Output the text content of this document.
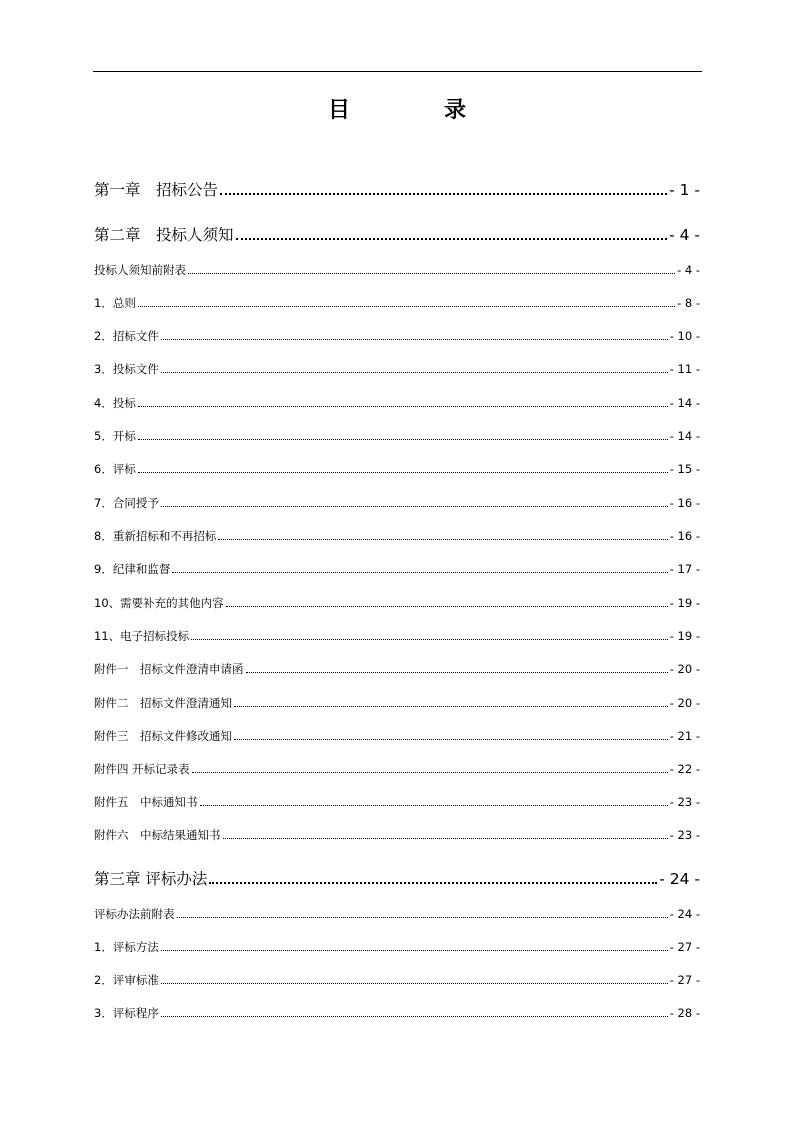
目　录
第一章　招标公告	- 1 -
第二章　投标人须知	- 4 -
投标人须知前附表	- 4 -
1．总则	- 8 -
2．招标文件	- 10 -
3．投标文件	- 11 -
4．投标	- 14 -
5．开标	- 14 -
6．评标	- 15 -
7．合同授予	- 16 -
8．重新招标和不再招标	- 16 -
9．纪律和监督	- 17 -
10、需要补充的其他内容	- 19 -
11、电子招标投标	- 19 -
附件一　招标文件澄清申请函	- 20 -
附件二　招标文件澄清通知	- 20 -
附件三　招标文件修改通知	- 21 -
附件四 开标记录表	- 22 -
附件五　中标通知书	- 23 -
附件六　中标结果通知书	- 23 -
第三章 评标办法	- 24 -
评标办法前附表	- 24 -
1．评标方法	- 27 -
2．评审标准	- 27 -
3．评标程序	- 28 -
